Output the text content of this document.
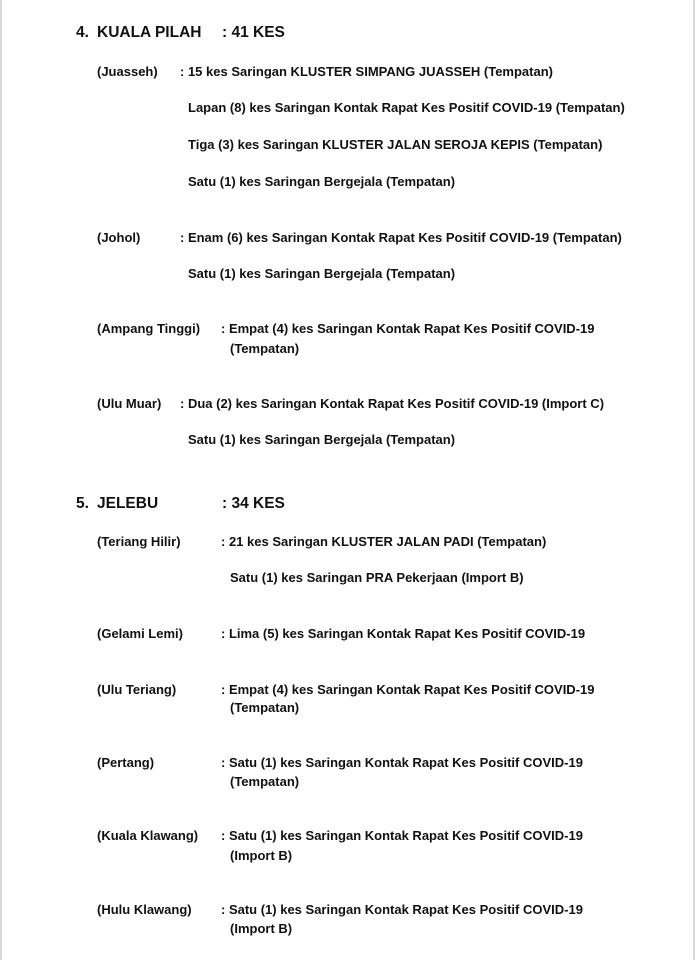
4. KUALA PILAH : 41 KES
(Juasseh) : 15 kes Saringan KLUSTER SIMPANG JUASSEH (Tempatan)
Lapan (8) kes Saringan Kontak Rapat Kes Positif COVID-19 (Tempatan)
Tiga (3) kes Saringan KLUSTER JALAN SEROJA KEPIS (Tempatan)
Satu (1) kes Saringan Bergejala (Tempatan)
(Johol)	: Enam (6) kes Saringan Kontak Rapat Kes Positif COVID-19 (Tempatan)
Satu (1) kes Saringan Bergejala (Tempatan)
(Ampang Tinggi) : Empat (4) kes Saringan Kontak Rapat Kes Positif COVID-19
(Tempatan)
(Ulu Muar) : Dua (2) kes Saringan Kontak Rapat Kes Positif COVID-19 (Import C)
Satu (1) kes Saringan Bergejala (Tempatan)
5. JELEBU	: 34 KES
(Teriang Hilir)	: 21 kes Saringan KLUSTER JALAN PADI (Tempatan)
Satu (1) kes Saringan PRA Pekerjaan (Import B)
(Gelami Lemi)	: Lima (5) kes Saringan Kontak Rapat Kes Positif COVID-19
(Ulu Teriang)	: Empat (4) kes Saringan Kontak Rapat Kes Positif COVID-19
(Tempatan)
(Pertang)	: Satu (1) kes Saringan Kontak Rapat Kes Positif COVID-19
(Tempatan)
(Kuala Klawang) : Satu (1) kes Saringan Kontak Rapat Kes Positif COVID-19
(Import B)
(Hulu Klawang) : Satu (1) kes Saringan Kontak Rapat Kes Positif COVID-19
(Import B)
